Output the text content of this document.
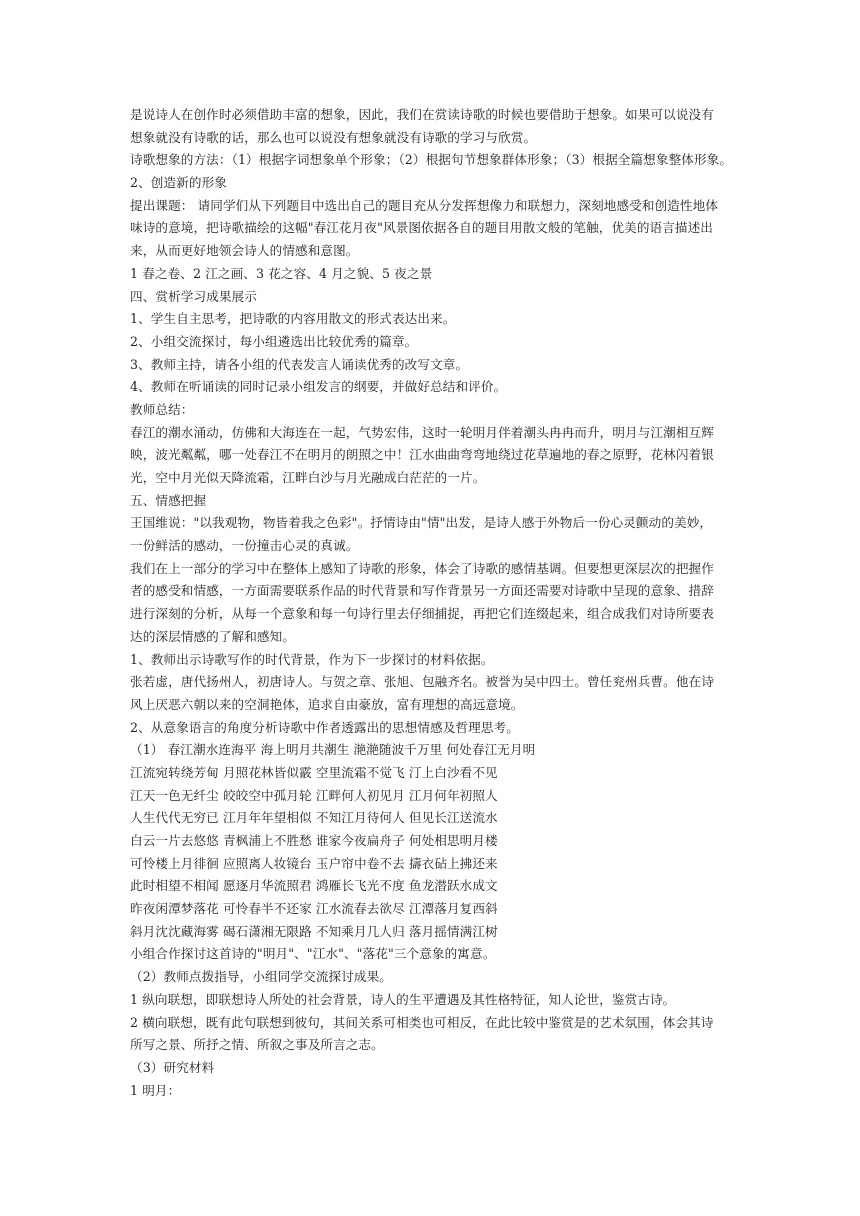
是说诗人在创作时必须借助丰富的想象，因此，我们在赏读诗歌的时候也要借助于想象。如果可以说没有
想象就没有诗歌的话，那么也可以说没有想象就没有诗歌的学习与欣赏。
诗歌想象的方法：（1）根据字词想象单个形象；（2）根据句节想象群体形象；（3）根据全篇想象整体形象。
2、创造新的形象
提出课题： 请同学们从下列题目中选出自己的题目充从分发挥想像力和联想力，深刻地感受和创造性地体
味诗的意境，把诗歌描绘的这幅"春江花月夜"风景图依据各自的题目用散文般的笔触，优美的语言描述出
来，从而更好地领会诗人的情感和意图。
1 春之卷、2 江之画、3 花之容、4 月之貌、5 夜之景
四、赏析学习成果展示
1、学生自主思考，把诗歌的内容用散文的形式表达出来。
2、小组交流探讨，每小组遴选出比较优秀的篇章。
3、教师主持，请各小组的代表发言人诵读优秀的改写文章。
4、教师在听诵读的同时记录小组发言的纲要，并做好总结和评价。
教师总结：
春江的潮水涌动，仿佛和大海连在一起，气势宏伟，这时一轮明月伴着潮头冉冉而升，明月与江潮相互辉
映，波光粼粼，哪一处春江不在明月的朗照之中！江水曲曲弯弯地绕过花草遍地的春之原野，花林闪着银
光，空中月光似天降流霜，江畔白沙与月光融成白茫茫的一片。
五、情感把握
王国维说："以我观物，物皆着我之色彩"。抒情诗由"情"出发，是诗人感于外物后一份心灵颤动的美妙，
一份鲜活的感动，一份撞击心灵的真诚。
我们在上一部分的学习中在整体上感知了诗歌的形象，体会了诗歌的感情基调。但要想更深层次的把握作
者的感受和情感，一方面需要联系作品的时代背景和写作背景另一方面还需要对诗歌中呈现的意象、措辞
进行深刻的分析，从每一个意象和每一句诗行里去仔细捕捉，再把它们连缀起来，组合成我们对诗所要表
达的深层情感的了解和感知。
1、教师出示诗歌写作的时代背景，作为下一步探讨的材料依据。
张若虚，唐代扬州人，初唐诗人。与贺之章、张旭、包融齐名。被誉为吴中四士。曾任兖州兵曹。他在诗
风上厌恶六朝以来的空洞艳体，追求自由豪放，富有理想的高远意境。
2、从意象语言的角度分析诗歌中作者透露出的思想情感及哲理思考。
（1） 春江潮水连海平 海上明月共潮生 滟滟随波千万里 何处春江无月明
江流宛转绕芳甸 月照花林皆似霰 空里流霜不觉飞 汀上白沙看不见
江天一色无纤尘 皎皎空中孤月轮 江畔何人初见月 江月何年初照人
人生代代无穷已 江月年年望相似 不知江月待何人 但见长江送流水
白云一片去悠悠 青枫浦上不胜愁 谁家今夜扁舟子 何处相思明月楼
可怜楼上月徘徊 应照离人妆镜台 玉户帘中卷不去 擣衣砧上拂还来
此时相望不相闻 愿逐月华流照君 鸿雁长飞光不度 鱼龙潜跃水成文
昨夜闲潭梦落花 可怜春半不还家 江水流春去欲尽 江潭落月复西斜
斜月沈沈藏海雾 碣石潇湘无限路 不知乘月几人归 落月摇情满江树
小组合作探讨这首诗的"明月"、"江水"、"落花"三个意象的寓意。
（2）教师点拨指导，小组同学交流探讨成果。
1 纵向联想，即联想诗人所处的社会背景，诗人的生平遭遇及其性格特征，知人论世，鉴赏古诗。
2 横向联想，既有此句联想到彼句，其间关系可相类也可相反，在此比较中鉴赏是的艺术氛围，体会其诗
所写之景、所抒之情、所叙之事及所言之志。
（3）研究材料
1 明月：
